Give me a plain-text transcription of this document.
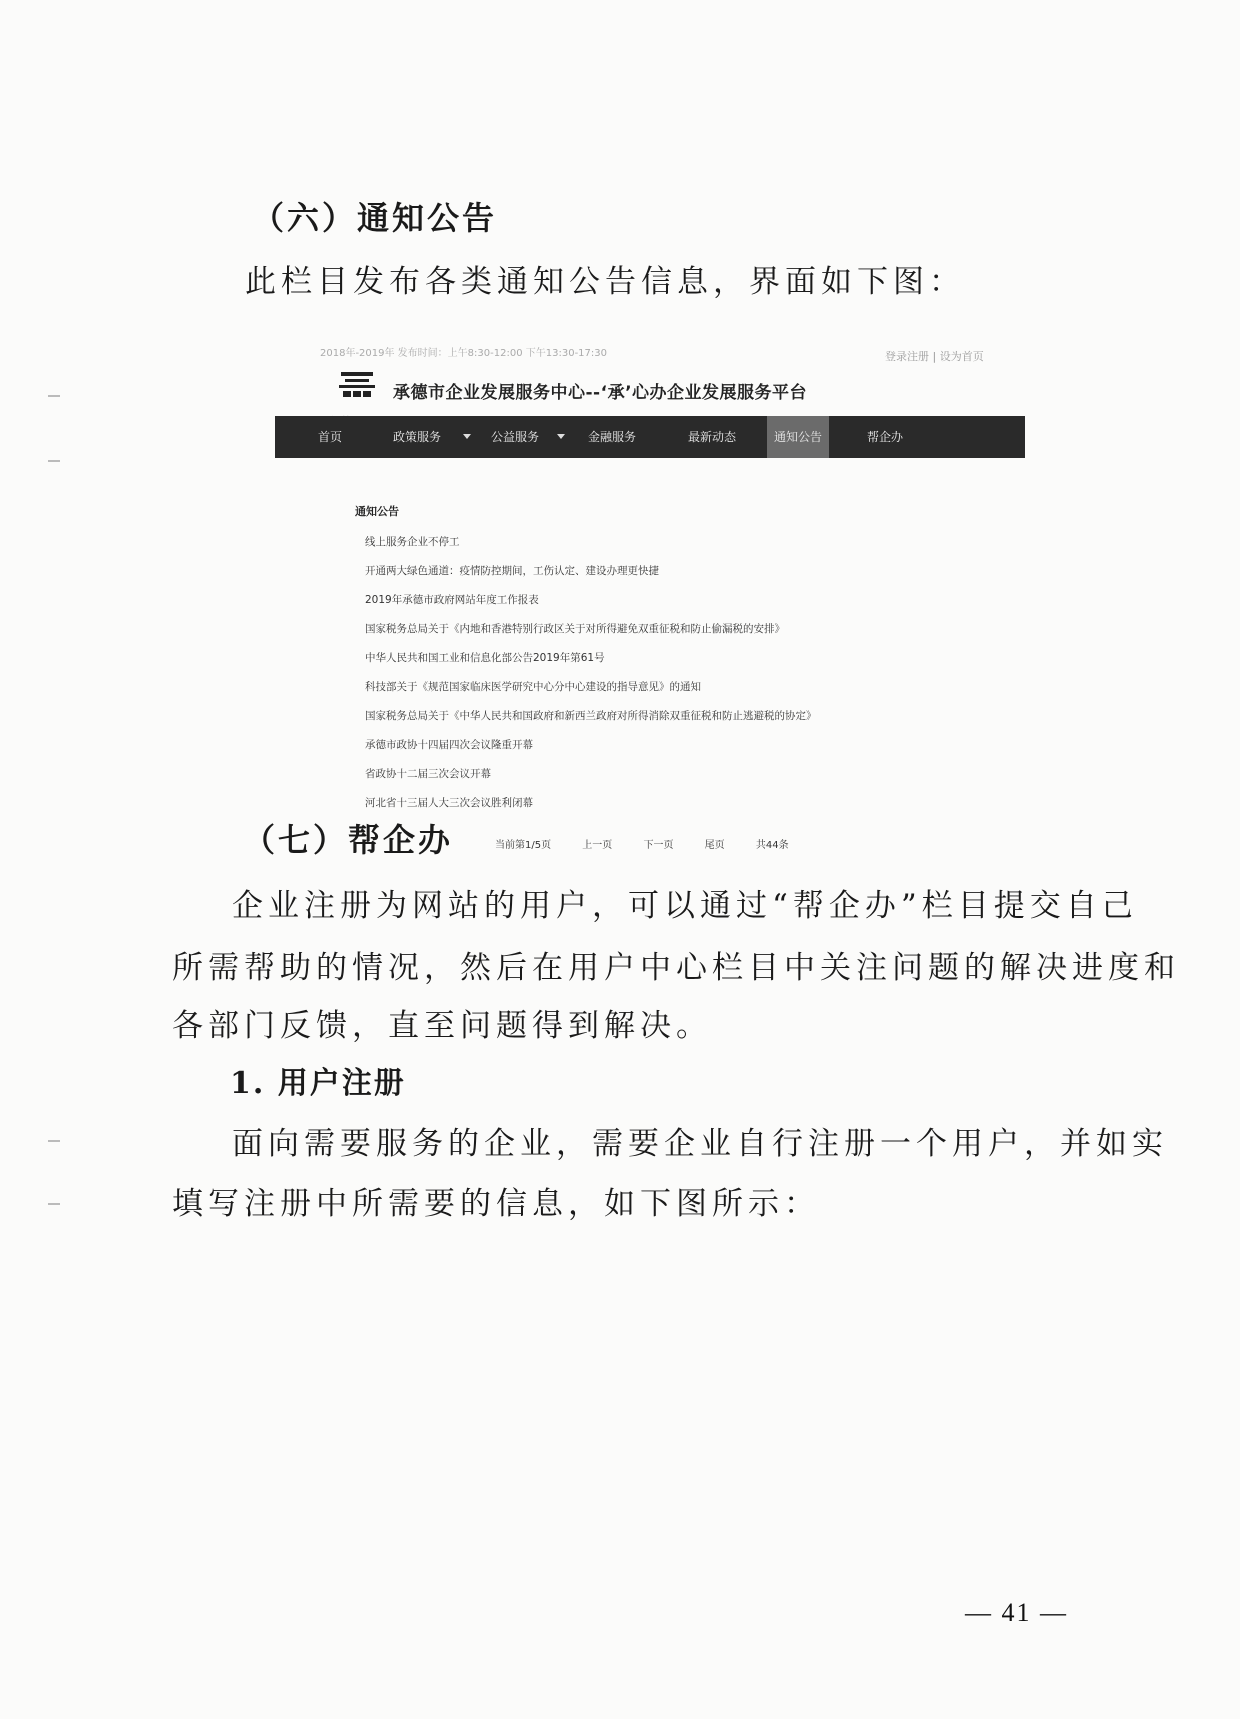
（六）通知公告

此栏目发布各类通知公告信息，界面如下图：

2018年-2019年 发布时间：上午8:30-12:00 下午13:30-17:30	登录注册 | 设为首页
承德市企业发展服务中心--‘承’心办企业发展服务平台
首页	政策服务	公益服务	金融服务	最新动态	通知公告	帮企办
通知公告
线上服务企业不停工
开通两大绿色通道：疫情防控期间，工伤认定、建设办理更快捷
2019年承德市政府网站年度工作报表
国家税务总局关于《内地和香港特别行政区关于对所得避免双重征税和防止偷漏税的安排》
中华人民共和国工业和信息化部公告2019年第61号
科技部关于《规范国家临床医学研究中心分中心建设的指导意见》的通知
国家税务总局关于《中华人民共和国政府和新西兰政府对所得消除双重征税和防止逃避税的协定》
承德市政协十四届四次会议隆重开幕
省政协十二届三次会议开幕
河北省十三届人大三次会议胜利闭幕
当前第1/5页	上一页	下一页	尾页	共44条

（七）帮企办

企业注册为网站的用户，可以通过“帮企办”栏目提交自己

所需帮助的情况，然后在用户中心栏目中关注问题的解决进度和

各部门反馈，直至问题得到解决。

1. 用户注册

面向需要服务的企业，需要企业自行注册一个用户，并如实

填写注册中所需要的信息，如下图所示：

— 41 —
